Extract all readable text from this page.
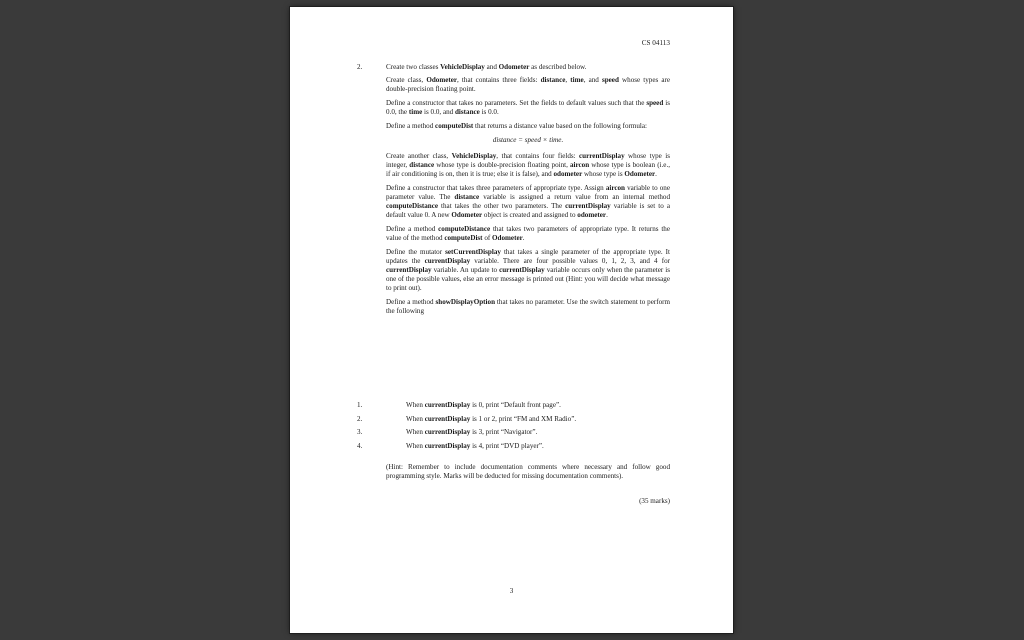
CS 04113
2.	Create two classes VehicleDisplay and Odometer as described below.

Create class, Odometer, that contains three fields: distance, time, and speed whose types are double-precision floating point.

Define a constructor that takes no parameters. Set the fields to default values such that the speed is 0.0, the time is 0.0, and distance is 0.0.

Define a method computeDist that returns a distance value based on the following formula:

distance = speed × time.

Create another class, VehicleDisplay, that contains four fields: currentDisplay whose type is integer, distance whose type is double-precision floating point, aircon whose type is boolean (i.e., if air conditioning is on, then it is true; else it is false), and odometer whose type is Odometer.

Define a constructor that takes three parameters of appropriate type. Assign aircon variable to one parameter value. The distance variable is assigned a return value from an internal method computeDistance that takes the other two parameters. The currentDisplay variable is set to a default value 0. A new Odometer object is created and assigned to odometer.

Define a method computeDistance that takes two parameters of appropriate type. It returns the value of the method computeDist of Odometer.

Define the mutator setCurrentDisplay that takes a single parameter of the appropriate type. It updates the currentDisplay variable. There are four possible values 0, 1, 2, 3, and 4 for currentDisplay variable. An update to currentDisplay variable occurs only when the parameter is one of the possible values, else an error message is printed out (Hint: you will decide what message to print out).

Define a method showDisplayOption that takes no parameter. Use the switch statement to perform the following

1.	When currentDisplay is 0, print “Default front page”.
2.	When currentDisplay is 1 or 2, print “FM and XM Radio”.
3.	When currentDisplay is 3, print “Navigator”.
4.	When currentDisplay is 4, print “DVD player”.
(Hint: Remember to include documentation comments where necessary and follow good programming style. Marks will be deducted for missing documentation comments).
(35 marks)
3
